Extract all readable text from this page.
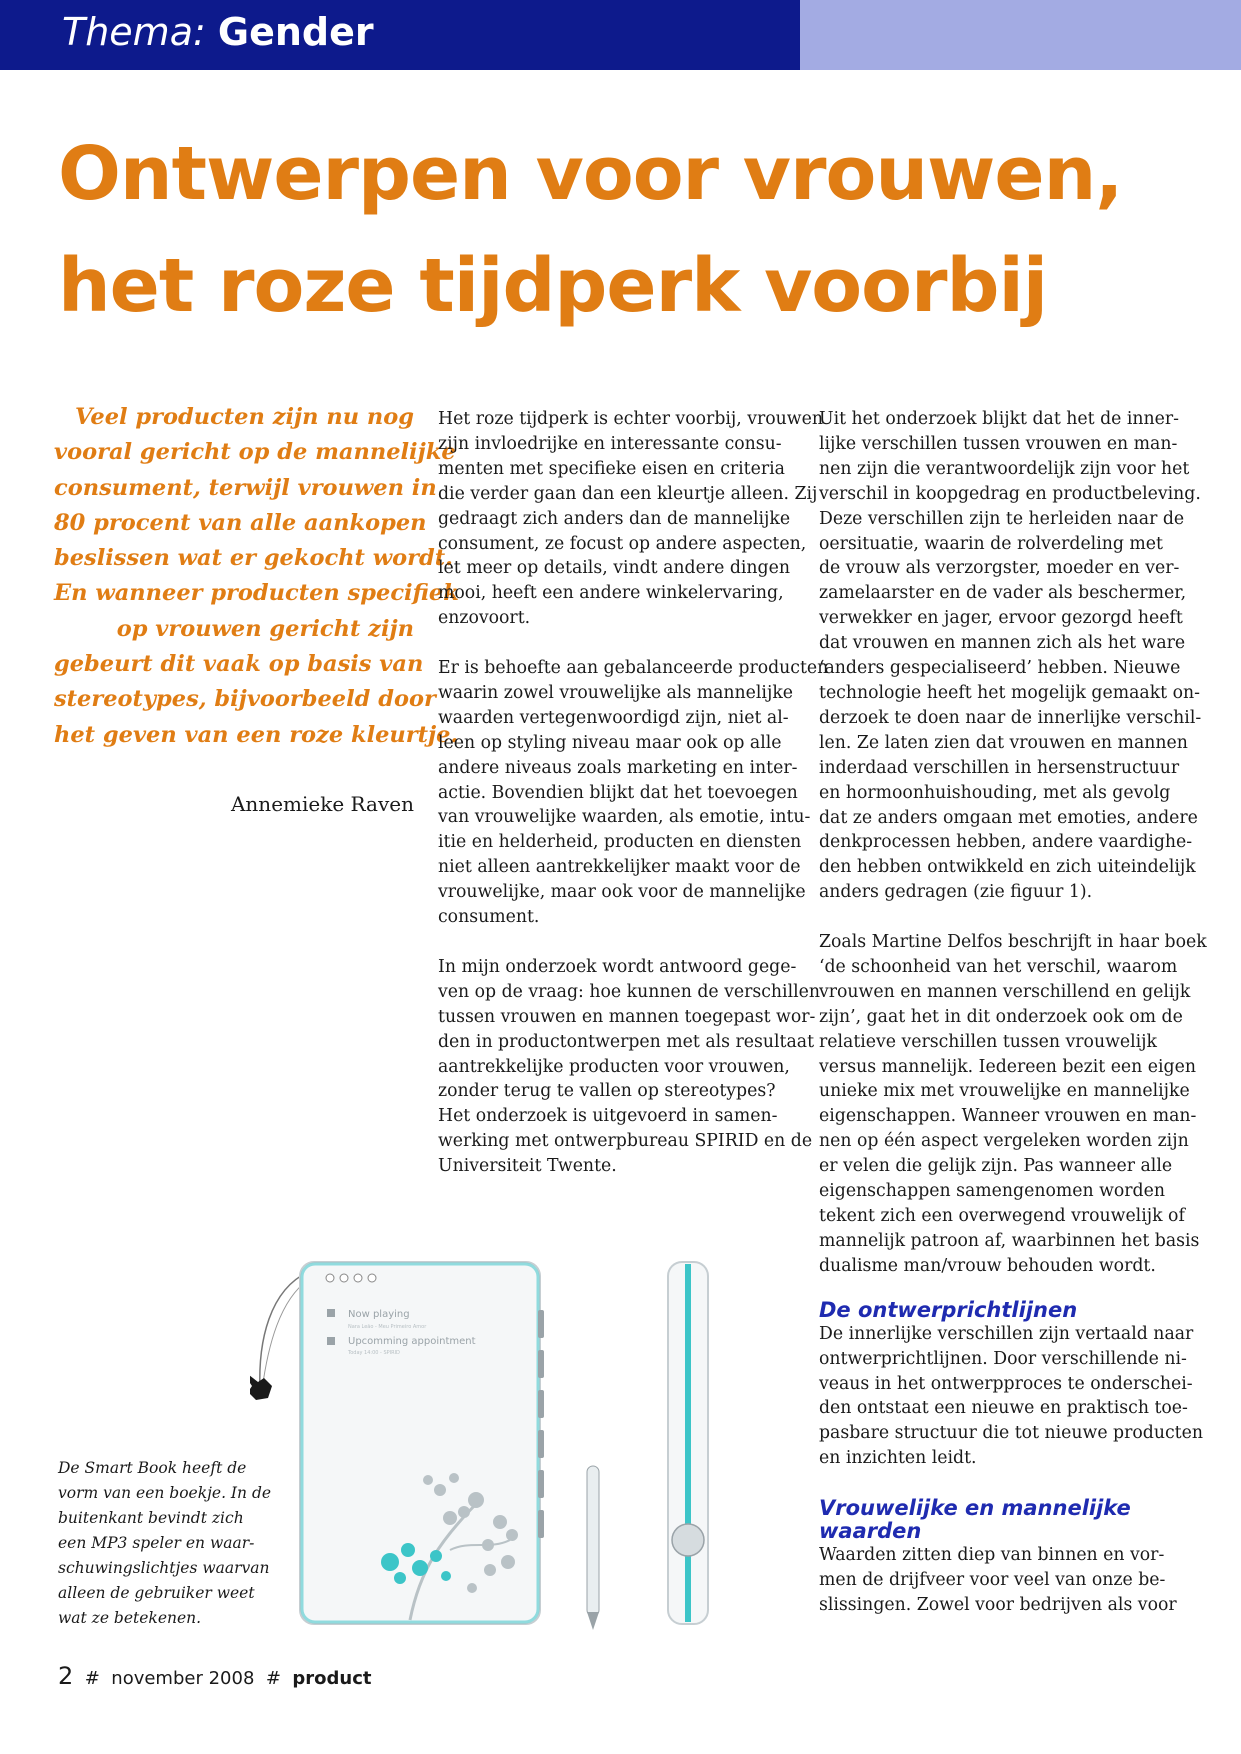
Thema: Gender
Ontwerpen voor vrouwen,
het roze tijdperk voorbij
Veel producten zijn nu nog
vooral gericht op de mannelijke
consument, terwijl vrouwen in
80 procent van alle aankopen
beslissen wat er gekocht wordt.
En wanneer producten specifiek
op vrouwen gericht zijn
gebeurt dit vaak op basis van
stereotypes, bijvoorbeeld door
het geven van een roze kleurtje.
Annemieke Raven
Het roze tijdperk is echter voorbij, vrouwen
zijn invloedrijke en interessante consu-
menten met specifieke eisen en criteria
die verder gaan dan een kleurtje alleen. Zij
gedraagt zich anders dan de mannelijke
consument, ze focust op andere aspecten,
let meer op details, vindt andere dingen
mooi, heeft een andere winkelervaring,
enzovoort.
Er is behoefte aan gebalanceerde producten
waarin zowel vrouwelijke als mannelijke
waarden vertegenwoordigd zijn, niet al-
leen op styling niveau maar ook op alle
andere niveaus zoals marketing en inter-
actie. Bovendien blijkt dat het toevoegen
van vrouwelijke waarden, als emotie, intu-
itie en helderheid, producten en diensten
niet alleen aantrekkelijker maakt voor de
vrouwelijke, maar ook voor de mannelijke
consument.
In mijn onderzoek wordt antwoord gege-
ven op de vraag: hoe kunnen de verschillen
tussen vrouwen en mannen toegepast wor-
den in productontwerpen met als resultaat
aantrekkelijke producten voor vrouwen,
zonder terug te vallen op stereotypes?
Het onderzoek is uitgevoerd in samen-
werking met ontwerpbureau SPIRID en de
Universiteit Twente.
Uit het onderzoek blijkt dat het de inner-
lijke verschillen tussen vrouwen en man-
nen zijn die verantwoordelijk zijn voor het
verschil in koopgedrag en productbeleving.
Deze verschillen zijn te herleiden naar de
oersituatie, waarin de rolverdeling met
de vrouw als verzorgster, moeder en ver-
zamelaarster en de vader als beschermer,
verwekker en jager, ervoor gezorgd heeft
dat vrouwen en mannen zich als het ware
‘anders gespecialiseerd’ hebben. Nieuwe
technologie heeft het mogelijk gemaakt on-
derzoek te doen naar de innerlijke verschil-
len. Ze laten zien dat vrouwen en mannen
inderdaad verschillen in hersenstructuur
en hormoonhuishouding, met als gevolg
dat ze anders omgaan met emoties, andere
denkprocessen hebben, andere vaardighe-
den hebben ontwikkeld en zich uiteindelijk
anders gedragen (zie figuur 1).
Zoals Martine Delfos beschrijft in haar boek
‘de schoonheid van het verschil, waarom
vrouwen en mannen verschillend en gelijk
zijn’, gaat het in dit onderzoek ook om de
relatieve verschillen tussen vrouwelijk
versus mannelijk. Iedereen bezit een eigen
unieke mix met vrouwelijke en mannelijke
eigenschappen. Wanneer vrouwen en man-
nen op één aspect vergeleken worden zijn
er velen die gelijk zijn. Pas wanneer alle
eigenschappen samengenomen worden
tekent zich een overwegend vrouwelijk of
mannelijk patroon af, waarbinnen het basis
dualisme man/vrouw behouden wordt.
De ontwerprichtlijnen
De innerlijke verschillen zijn vertaald naar
ontwerprichtlijnen. Door verschillende ni-
veaus in het ontwerpproces te onderschei-
den ontstaat een nieuwe en praktisch toe-
pasbare structuur die tot nieuwe producten
en inzichten leidt.
Vrouwelijke en mannelijke
waarden
Waarden zitten diep van binnen en vor-
men de drijfveer voor veel van onze be-
slissingen. Zowel voor bedrijven als voor
Now playing
Nara Leão - Meu Primeiro Amor
Upcomming appointment
Today 14:00 - SPIRID
De Smart Book heeft de
vorm van een boekje. In de
buitenkant bevindt zich
een MP3 speler en waar-
schuwingslichtjes waarvan
alleen de gebruiker weet
wat ze betekenen.
2 # november 2008 # product
